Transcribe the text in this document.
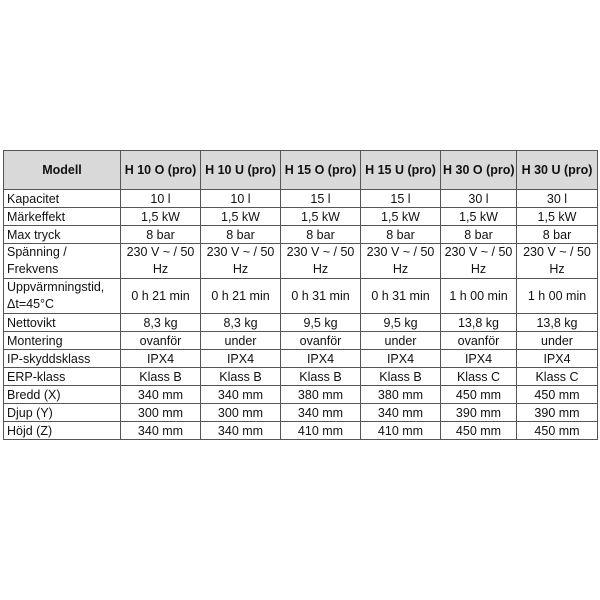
Modell	H 10 O (pro)	H 10 U (pro)	H 15 O (pro)	H 15 U (pro)	H 30 O (pro)	H 30 U (pro)
Kapacitet	10 l	10 l	15 l	15 l	30 l	30 l
Märkeffekt	1,5 kW	1,5 kW	1,5 kW	1,5 kW	1,5 kW	1,5 kW
Max tryck	8 bar	8 bar	8 bar	8 bar	8 bar	8 bar
Spänning / Frekvens	230 V ~ / 50 Hz	230 V ~ / 50 Hz	230 V ~ / 50 Hz	230 V ~ / 50 Hz	230 V ~ / 50 Hz	230 V ~ / 50 Hz
Uppvärmningstid, Δt=45°C	0 h 21 min	0 h 21 min	0 h 31 min	0 h 31 min	1 h 00 min	1 h 00 min
Nettovikt	8,3 kg	8,3 kg	9,5 kg	9,5 kg	13,8 kg	13,8 kg
Montering	ovanför	under	ovanför	under	ovanför	under
IP-skyddsklass	IPX4	IPX4	IPX4	IPX4	IPX4	IPX4
ERP-klass	Klass B	Klass B	Klass B	Klass B	Klass C	Klass C
Bredd (X)	340 mm	340 mm	380 mm	380 mm	450 mm	450 mm
Djup (Y)	300 mm	300 mm	340 mm	340 mm	390 mm	390 mm
Höjd (Z)	340 mm	340 mm	410 mm	410 mm	450 mm	450 mm
